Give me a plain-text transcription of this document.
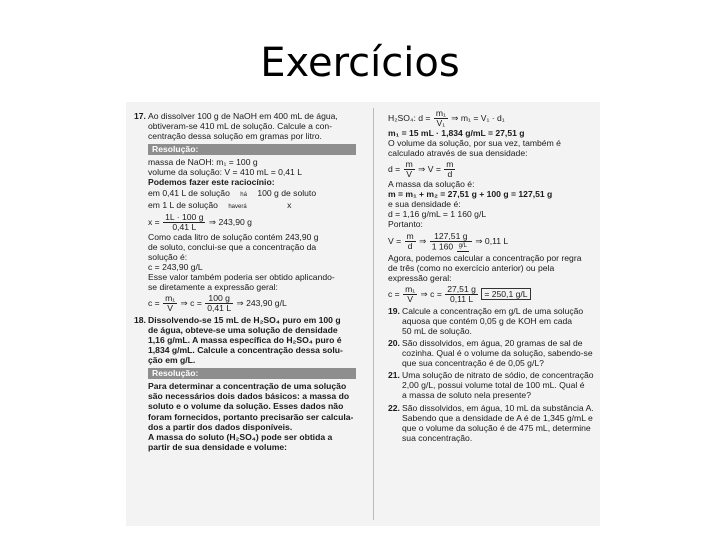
Exercícios
17. Ao dissolver 100 g de NaOH em 400 mL de água,
obtiveram-se 410 mL de solução. Calcule a con-
centração dessa solução em gramas por litro.
Resolução:
massa de NaOH: m₁ = 100 g
volume da solução: V = 410 mL = 0,41 L
Podemos fazer este raciocínio:
em 0,41 L de solução há 100 g de soluto
em 1 L de solução haverá	x
$x = \frac{1L \cdot 100 g}{0,41 L}$ ⇒ 243,90 g
Como cada litro de solução contém 243,90 g
de soluto, conclui-se que a concentração da
solução é:
c = 243,90 g/L
Esse valor também poderia ser obtido aplicando-
se diretamente a expressão geral:
$c = \frac{\text{m₁}}{V}$ ⇒ $c = \frac{100 g}{0,41 L}$ ⇒ 243,90 g/L
18. Dissolvendo-se 15 mL de H₂SO₄ puro em 100 g
de água, obteve-se uma solução de densidade
1,16 g/mL. A massa específica do H₂SO₄ puro é
1,834 g/mL. Calcule a concentração dessa solu-
ção em g/L.
Resolução:
Para determinar a concentração de uma solução
são necessários dois dados básicos: a massa do
soluto e o volume da solução. Esses dados não
foram fornecidos, portanto precisarão ser calcula-
dos a partir dos dados disponíveis.
A massa do soluto (H₂SO₄) pode ser obtida a
partir de sua densidade e volume:
H₂SO₄: $d = \frac{\text{m₁}}{\text{V₁}}$ ⇒ m₁ = V₁ · d₁
m₁ = 15 mL · 1,834 g/mL = 27,51 g
O volume da solução, por sua vez, também é
calculado através de sua densidade:
$d = \frac{m}{V}$ ⇒ $V = \frac{m}{d}$
A massa da solução é:
m = m₁ + m₂ = 27,51 g + 100 g = 127,51 g
e sua densidade é:
d = 1,16 g/mL = 1 160 g/L
Portanto:
$V = \frac{m}{d}$ ⇒ $\frac{127,51 g}{1 160 g/L}$ ⇒ 0,11 L
Agora, podemos calcular a concentração por regra
de três (como no exercício anterior) ou pela
expressão geral:
$c = \frac{\text{m₁}}{V}$ ⇒ $c = \frac{27,51 g}{0,11 L} = 250,1$ g/L
19. Calcule a concentração em g/L de uma solução
aquosa que contém 0,05 g de KOH em cada
50 mL de solução.
20. São dissolvidos, em água, 20 gramas de sal de
cozinha. Qual é o volume da solução, sabendo-se
que sua concentração é de 0,05 g/L?
21. Uma solução de nitrato de sódio, de concentração
2,00 g/L, possui volume total de 100 mL. Qual é
a massa de soluto nela presente?
22. São dissolvidos, em água, 10 mL da substância A.
Sabendo que a densidade de A é de 1,345 g/mL e
que o volume da solução é de 475 mL, determine
sua concentração.
